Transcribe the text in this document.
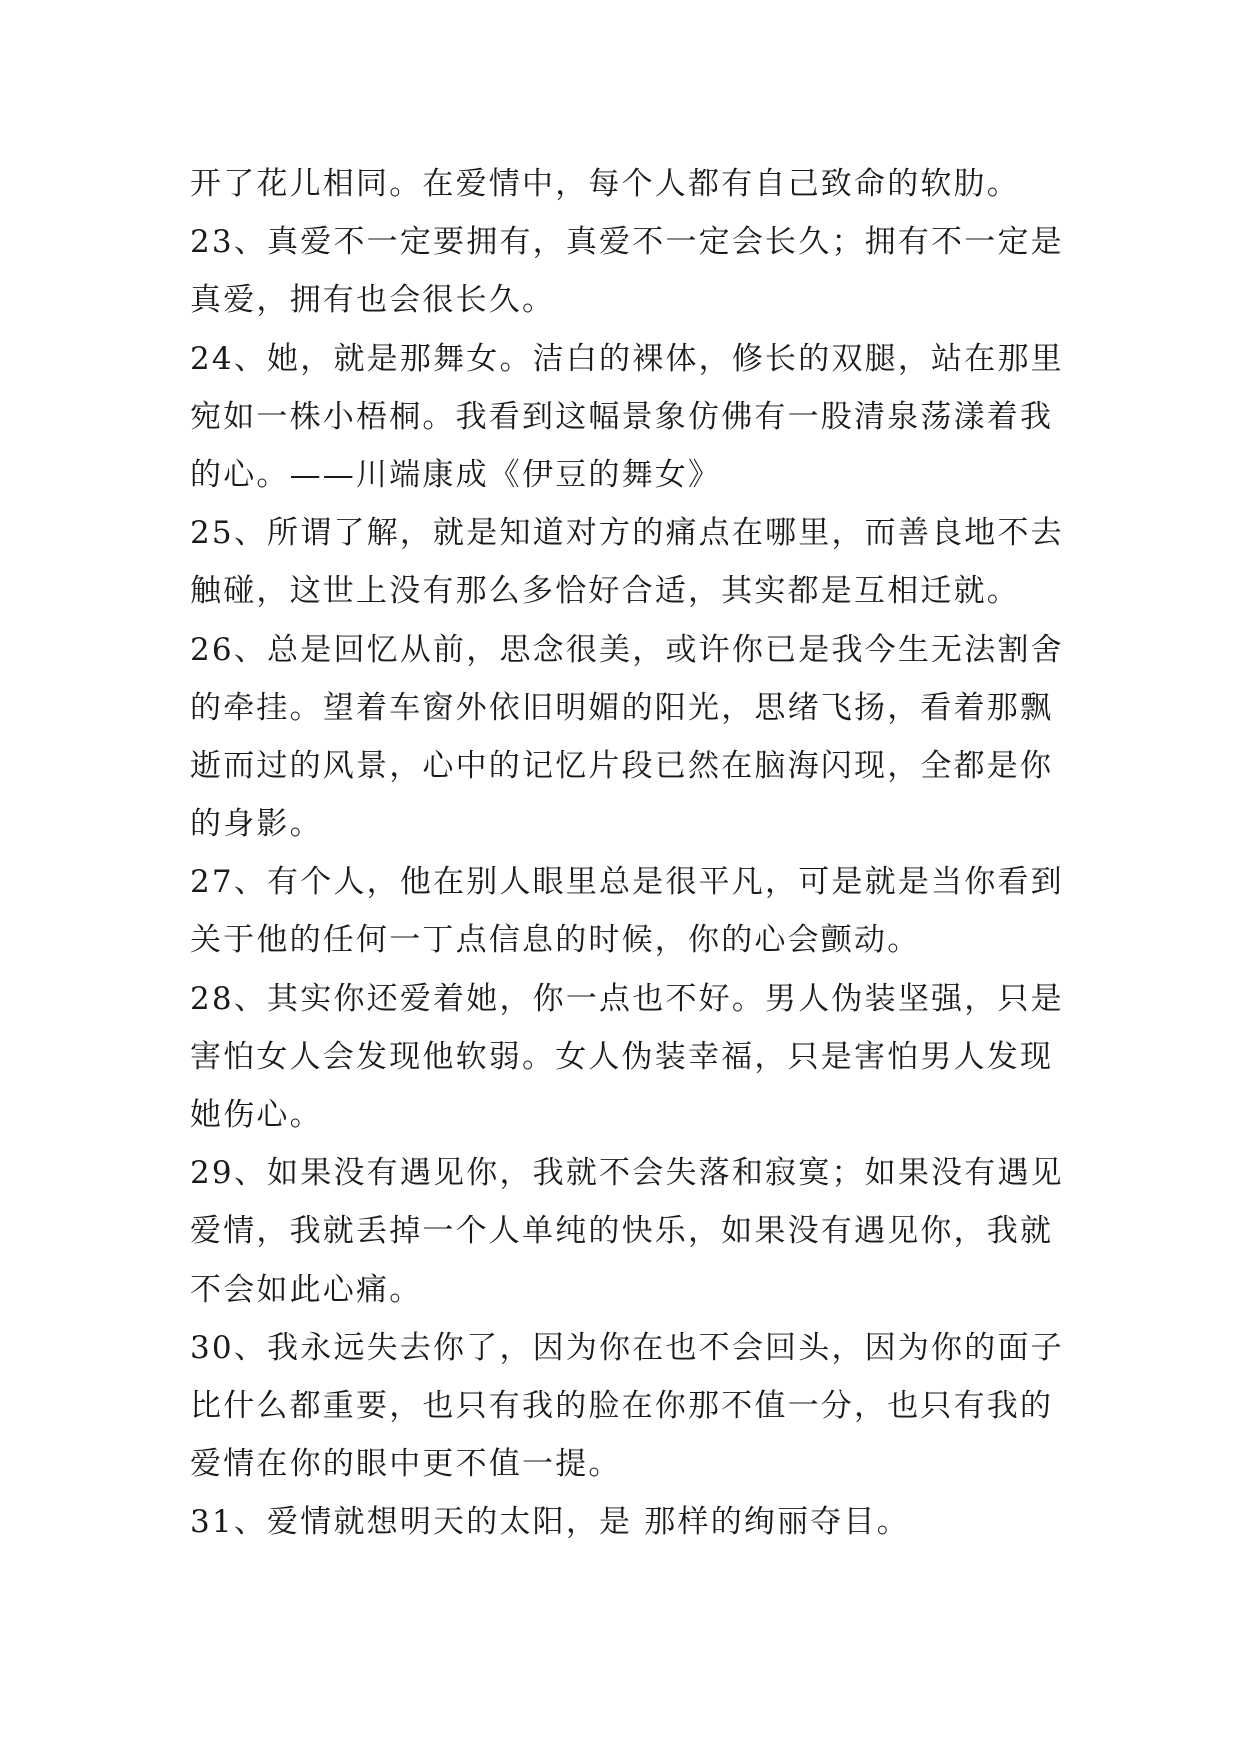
开了花儿相同。在爱情中，每个人都有自己致命的软肋。
23、真爱不一定要拥有，真爱不一定会长久；拥有不一定是
真爱，拥有也会很长久。
24、她，就是那舞女。洁白的裸体，修长的双腿，站在那里
宛如一株小梧桐。我看到这幅景象仿佛有一股清泉荡漾着我
的心。——川端康成《伊豆的舞女》
25、所谓了解，就是知道对方的痛点在哪里，而善良地不去
触碰，这世上没有那么多恰好合适，其实都是互相迁就。
26、总是回忆从前，思念很美，或许你已是我今生无法割舍
的牵挂。望着车窗外依旧明媚的阳光，思绪飞扬，看着那飘
逝而过的风景，心中的记忆片段已然在脑海闪现，全都是你
的身影。
27、有个人，他在别人眼里总是很平凡，可是就是当你看到
关于他的任何一丁点信息的时候，你的心会颤动。
28、其实你还爱着她，你一点也不好。男人伪装坚强，只是
害怕女人会发现他软弱。女人伪装幸福，只是害怕男人发现
她伤心。
29、如果没有遇见你，我就不会失落和寂寞；如果没有遇见
爱情，我就丢掉一个人单纯的快乐，如果没有遇见你，我就
不会如此心痛。
30、我永远失去你了，因为你在也不会回头，因为你的面子
比什么都重要，也只有我的脸在你那不值一分，也只有我的
爱情在你的眼中更不值一提。
31、爱情就想明天的太阳，是 那样的绚丽夺目。
